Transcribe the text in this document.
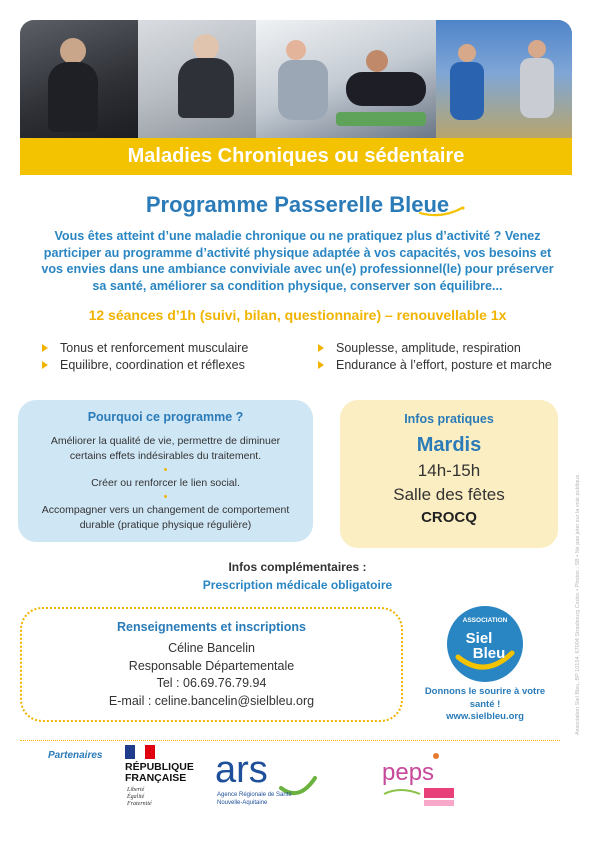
Maladies Chroniques ou sédentaire
Programme Passerelle Bleue
Vous êtes atteint d’une maladie chronique ou ne pratiquez plus d’activité ? Venez participer au programme d’activité physique adaptée à vos capacités, vos besoins et vos envies dans une ambiance conviviale avec un(e) professionnel(le) pour préserver sa santé, améliorer sa condition physique, conserver son équilibre...
12 séances d’1h (suivi, bilan, questionnaire) – renouvellable 1x
Tonus et renforcement musculaire
Equilibre, coordination et réflexes
Souplesse, amplitude, respiration
Endurance à l’effort, posture et marche
Pourquoi ce programme ?
Améliorer la qualité de vie, permettre de diminuer certains effets indésirables du traitement.
•
Créer ou renforcer le lien social.
•
Accompagner vers un changement de comportement durable (pratique physique régulière)
Infos pratiques
Mardis
14h-15h
Salle des fêtes
CROCQ
Infos complémentaires :
Prescription médicale obligatoire
Renseignements et inscriptions
Céline Bancelin
Responsable Départementale
Tel : 06.69.76.79.94
E-mail : celine.bancelin@sielbleu.org
ASSOCIATION
Siel
Bleu
Donnons le sourire à votre santé !
www.sielbleu.org	Association Siel Bleu, BP 10154, 67004 Strasbourg Cedex • Photos : SB • Ne pas jeter sur la voie publique
Partenaires
RÉPUBLIQUE
FRANÇAISE
Liberté
Égalité
Fraternité
ars
Agence Régionale de Santé
Nouvelle-Aquitaine
peps
